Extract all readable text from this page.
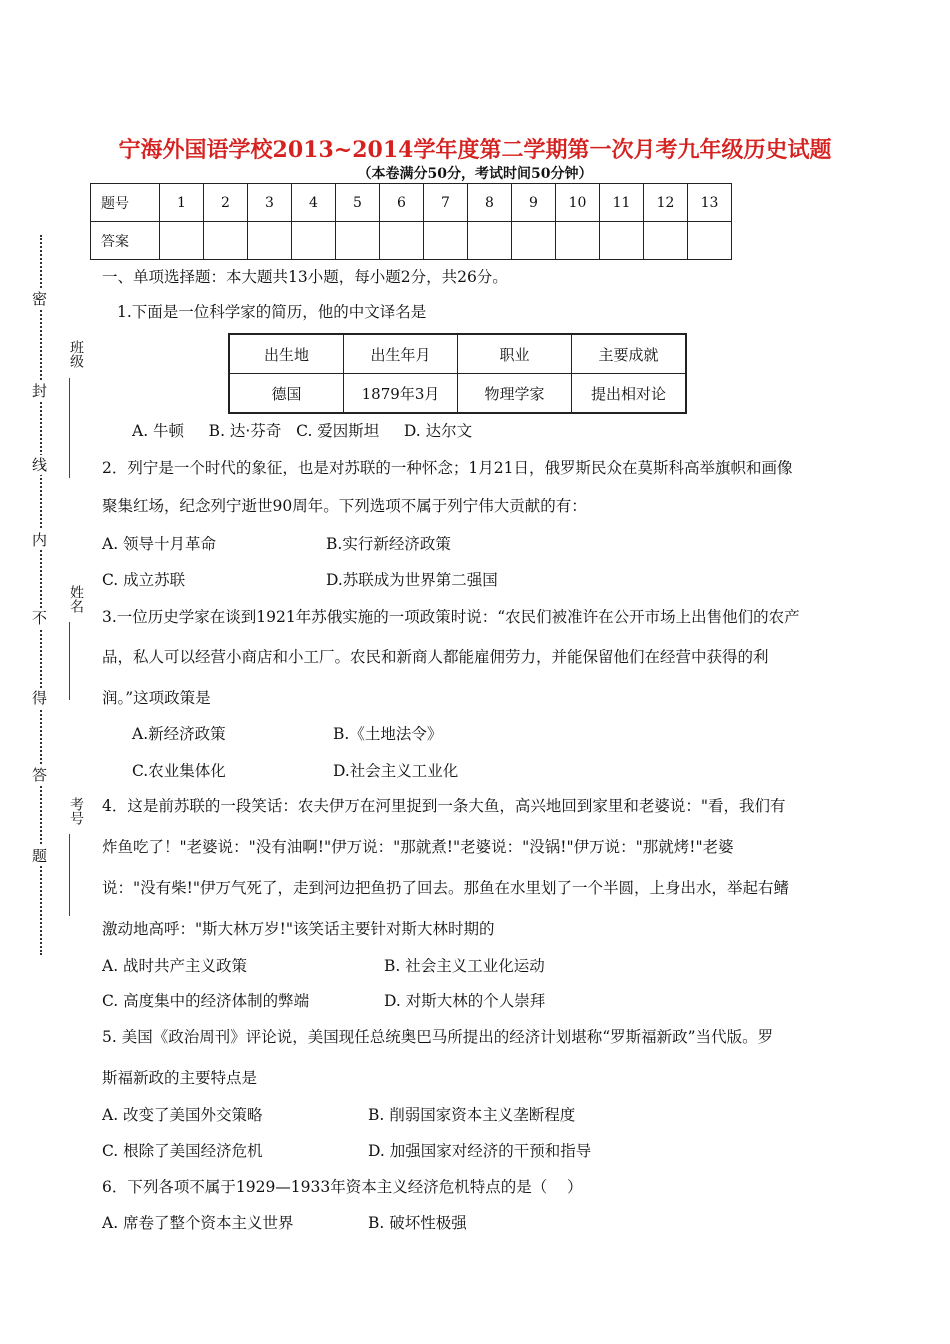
宁海外国语学校2013~2014学年度第二学期第一次月考九年级历史试题
（本卷满分50分，考试时间50分钟）
题号	1	2	3	4	5	6	7	8	9	10	11	12	13
答案													
密
封
线
内
不
得
答
题
班级
姓名
考号
一、单项选择题：本大题共13小题，每小题2分，共26分。
1.下面是一位科学家的简历，他的中文译名是
出生地	出生年月	职业	主要成就
德国	1879年3月	物理学家	提出相对论
A. 牛顿     B. 达·芬奇   C. 爱因斯坦     D. 达尔文
2．列宁是一个时代的象征，也是对苏联的一种怀念；1月21日，俄罗斯民众在莫斯科高举旗帜和画像
聚集红场，纪念列宁逝世90周年。下列选项不属于列宁伟大贡献的有：
A. 领导十月革命	B.实行新经济政策
C. 成立苏联	D.苏联成为世界第二强国
3.一位历史学家在谈到1921年苏俄实施的一项政策时说：“农民们被准许在公开市场上出售他们的农产
品，私人可以经营小商店和小工厂。农民和新商人都能雇佣劳力，并能保留他们在经营中获得的利
润。”这项政策是
A.新经济政策	B.《土地法令》
C.农业集体化	D.社会主义工业化
4．这是前苏联的一段笑话：农夫伊万在河里捉到一条大鱼，高兴地回到家里和老婆说："看，我们有
炸鱼吃了！"老婆说："没有油啊!"伊万说："那就煮!"老婆说："没锅!"伊万说："那就烤!"老婆
说："没有柴!"伊万气死了，走到河边把鱼扔了回去。那鱼在水里划了一个半圆，上身出水，举起右鳍
激动地高呼："斯大林万岁!"该笑话主要针对斯大林时期的
A. 战时共产主义政策	B. 社会主义工业化运动
C. 高度集中的经济体制的弊端	D. 对斯大林的个人崇拜
5. 美国《政治周刊》评论说，美国现任总统奥巴马所提出的经济计划堪称“罗斯福新政”当代版。罗
斯福新政的主要特点是
A. 改变了美国外交策略	B. 削弱国家资本主义垄断程度
C. 根除了美国经济危机	D. 加强国家对经济的干预和指导
6．下列各项不属于1929—1933年资本主义经济危机特点的是（    ）
A. 席卷了整个资本主义世界	B. 破坏性极强
